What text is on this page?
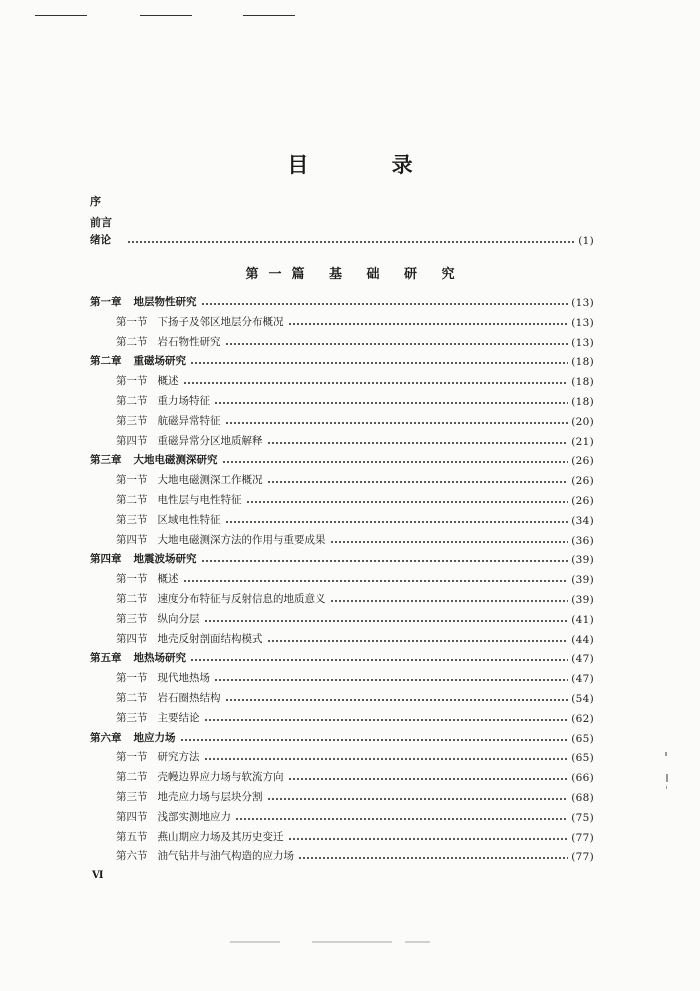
目 录
序
前言
绪论	(1)
第一篇 基 础 研 究
第一章 地层物性研究	(13)
第一节 下扬子及邻区地层分布概况	(13)
第二节 岩石物性研究	(13)
第二章 重磁场研究	(18)
第一节 概述	(18)
第二节 重力场特征	(18)
第三节 航磁异常特征	(20)
第四节 重磁异常分区地质解释	(21)
第三章 大地电磁测深研究	(26)
第一节 大地电磁测深工作概况	(26)
第二节 电性层与电性特征	(26)
第三节 区域电性特征	(34)
第四节 大地电磁测深方法的作用与重要成果	(36)
第四章 地震波场研究	(39)
第一节 概述	(39)
第二节 速度分布特征与反射信息的地质意义	(39)
第三节 纵向分层	(41)
第四节 地壳反射剖面结构模式	(44)
第五章 地热场研究	(47)
第一节 现代地热场	(47)
第二节 岩石圈热结构	(54)
第三节 主要结论	(62)
第六章 地应力场	(65)
第一节 研究方法	(65)
第二节 壳幔边界应力场与软流方向	(66)
第三节 地壳应力场与层块分割	(68)
第四节 浅部实测地应力	(75)
第五节 燕山期应力场及其历史变迁	(77)
第六节 油气钻井与油气构造的应力场	(77)
Ⅵ
